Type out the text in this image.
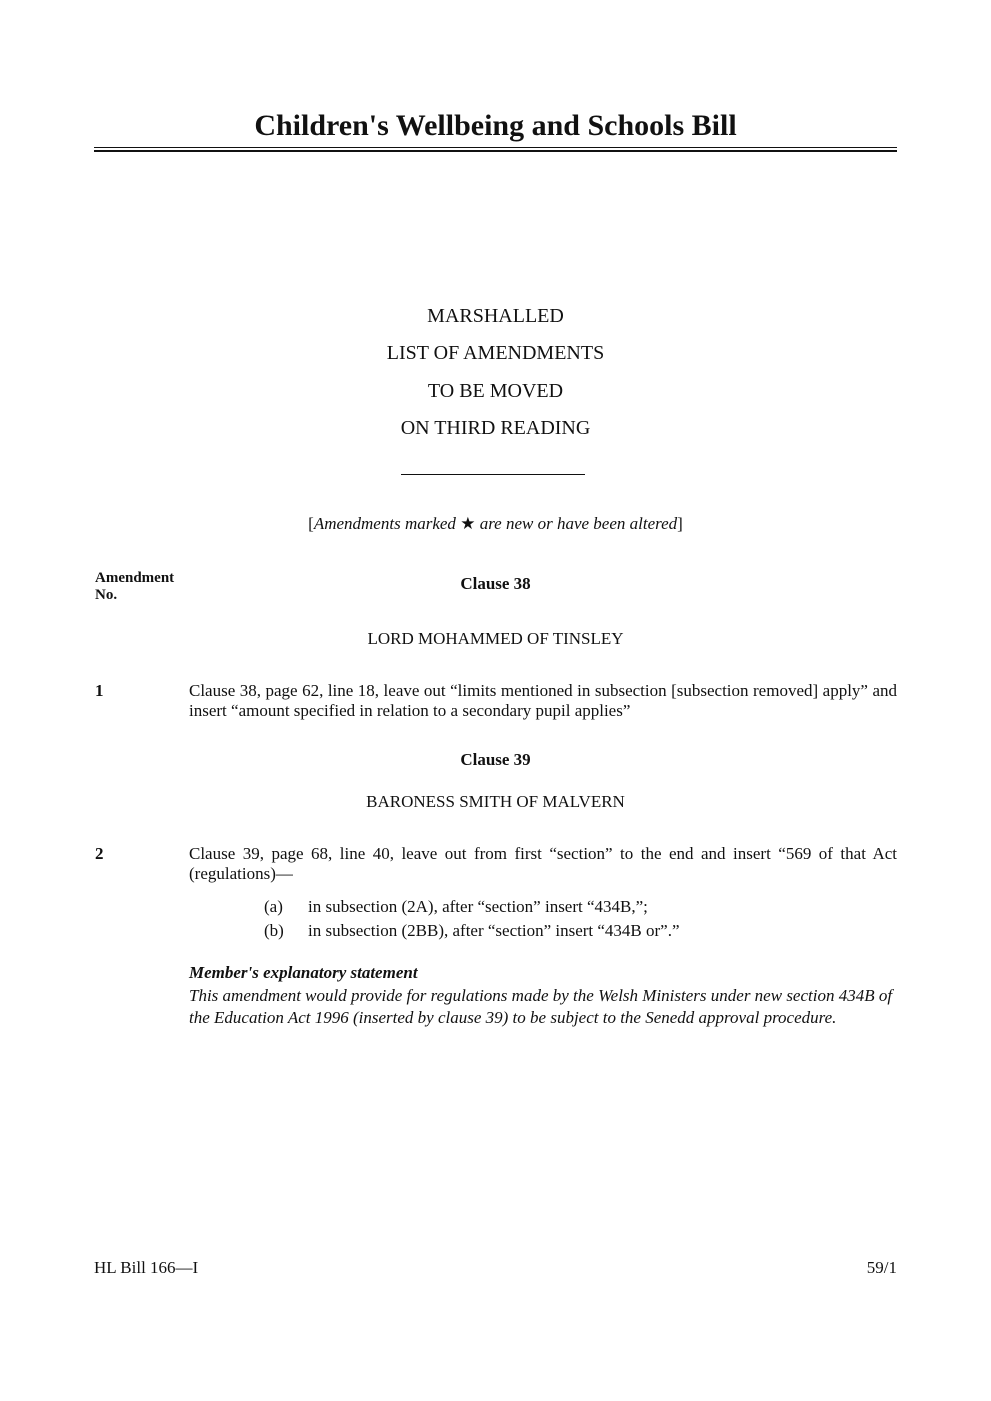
Children's Wellbeing and Schools Bill
MARSHALLED
LIST OF AMENDMENTS
TO BE MOVED
ON THIRD READING
[Amendments marked ★ are new or have been altered]
Amendment
No.
Clause 38
LORD MOHAMMED OF TINSLEY
1	Clause 38, page 62, line 18, leave out “limits mentioned in subsection [subsection removed] apply” and insert “amount specified in relation to a secondary pupil applies”
Clause 39
BARONESS SMITH OF MALVERN
2	Clause 39, page 68, line 40, leave out from first “section” to the end and insert “569 of that Act (regulations)—
(a) in subsection (2A), after “section” insert “434B,”;
(b) in subsection (2BB), after “section” insert “434B or”.”
Member's explanatory statement
This amendment would provide for regulations made by the Welsh Ministers under new section 434B of the Education Act 1996 (inserted by clause 39) to be subject to the Senedd approval procedure.
HL Bill 166—I	59/1
